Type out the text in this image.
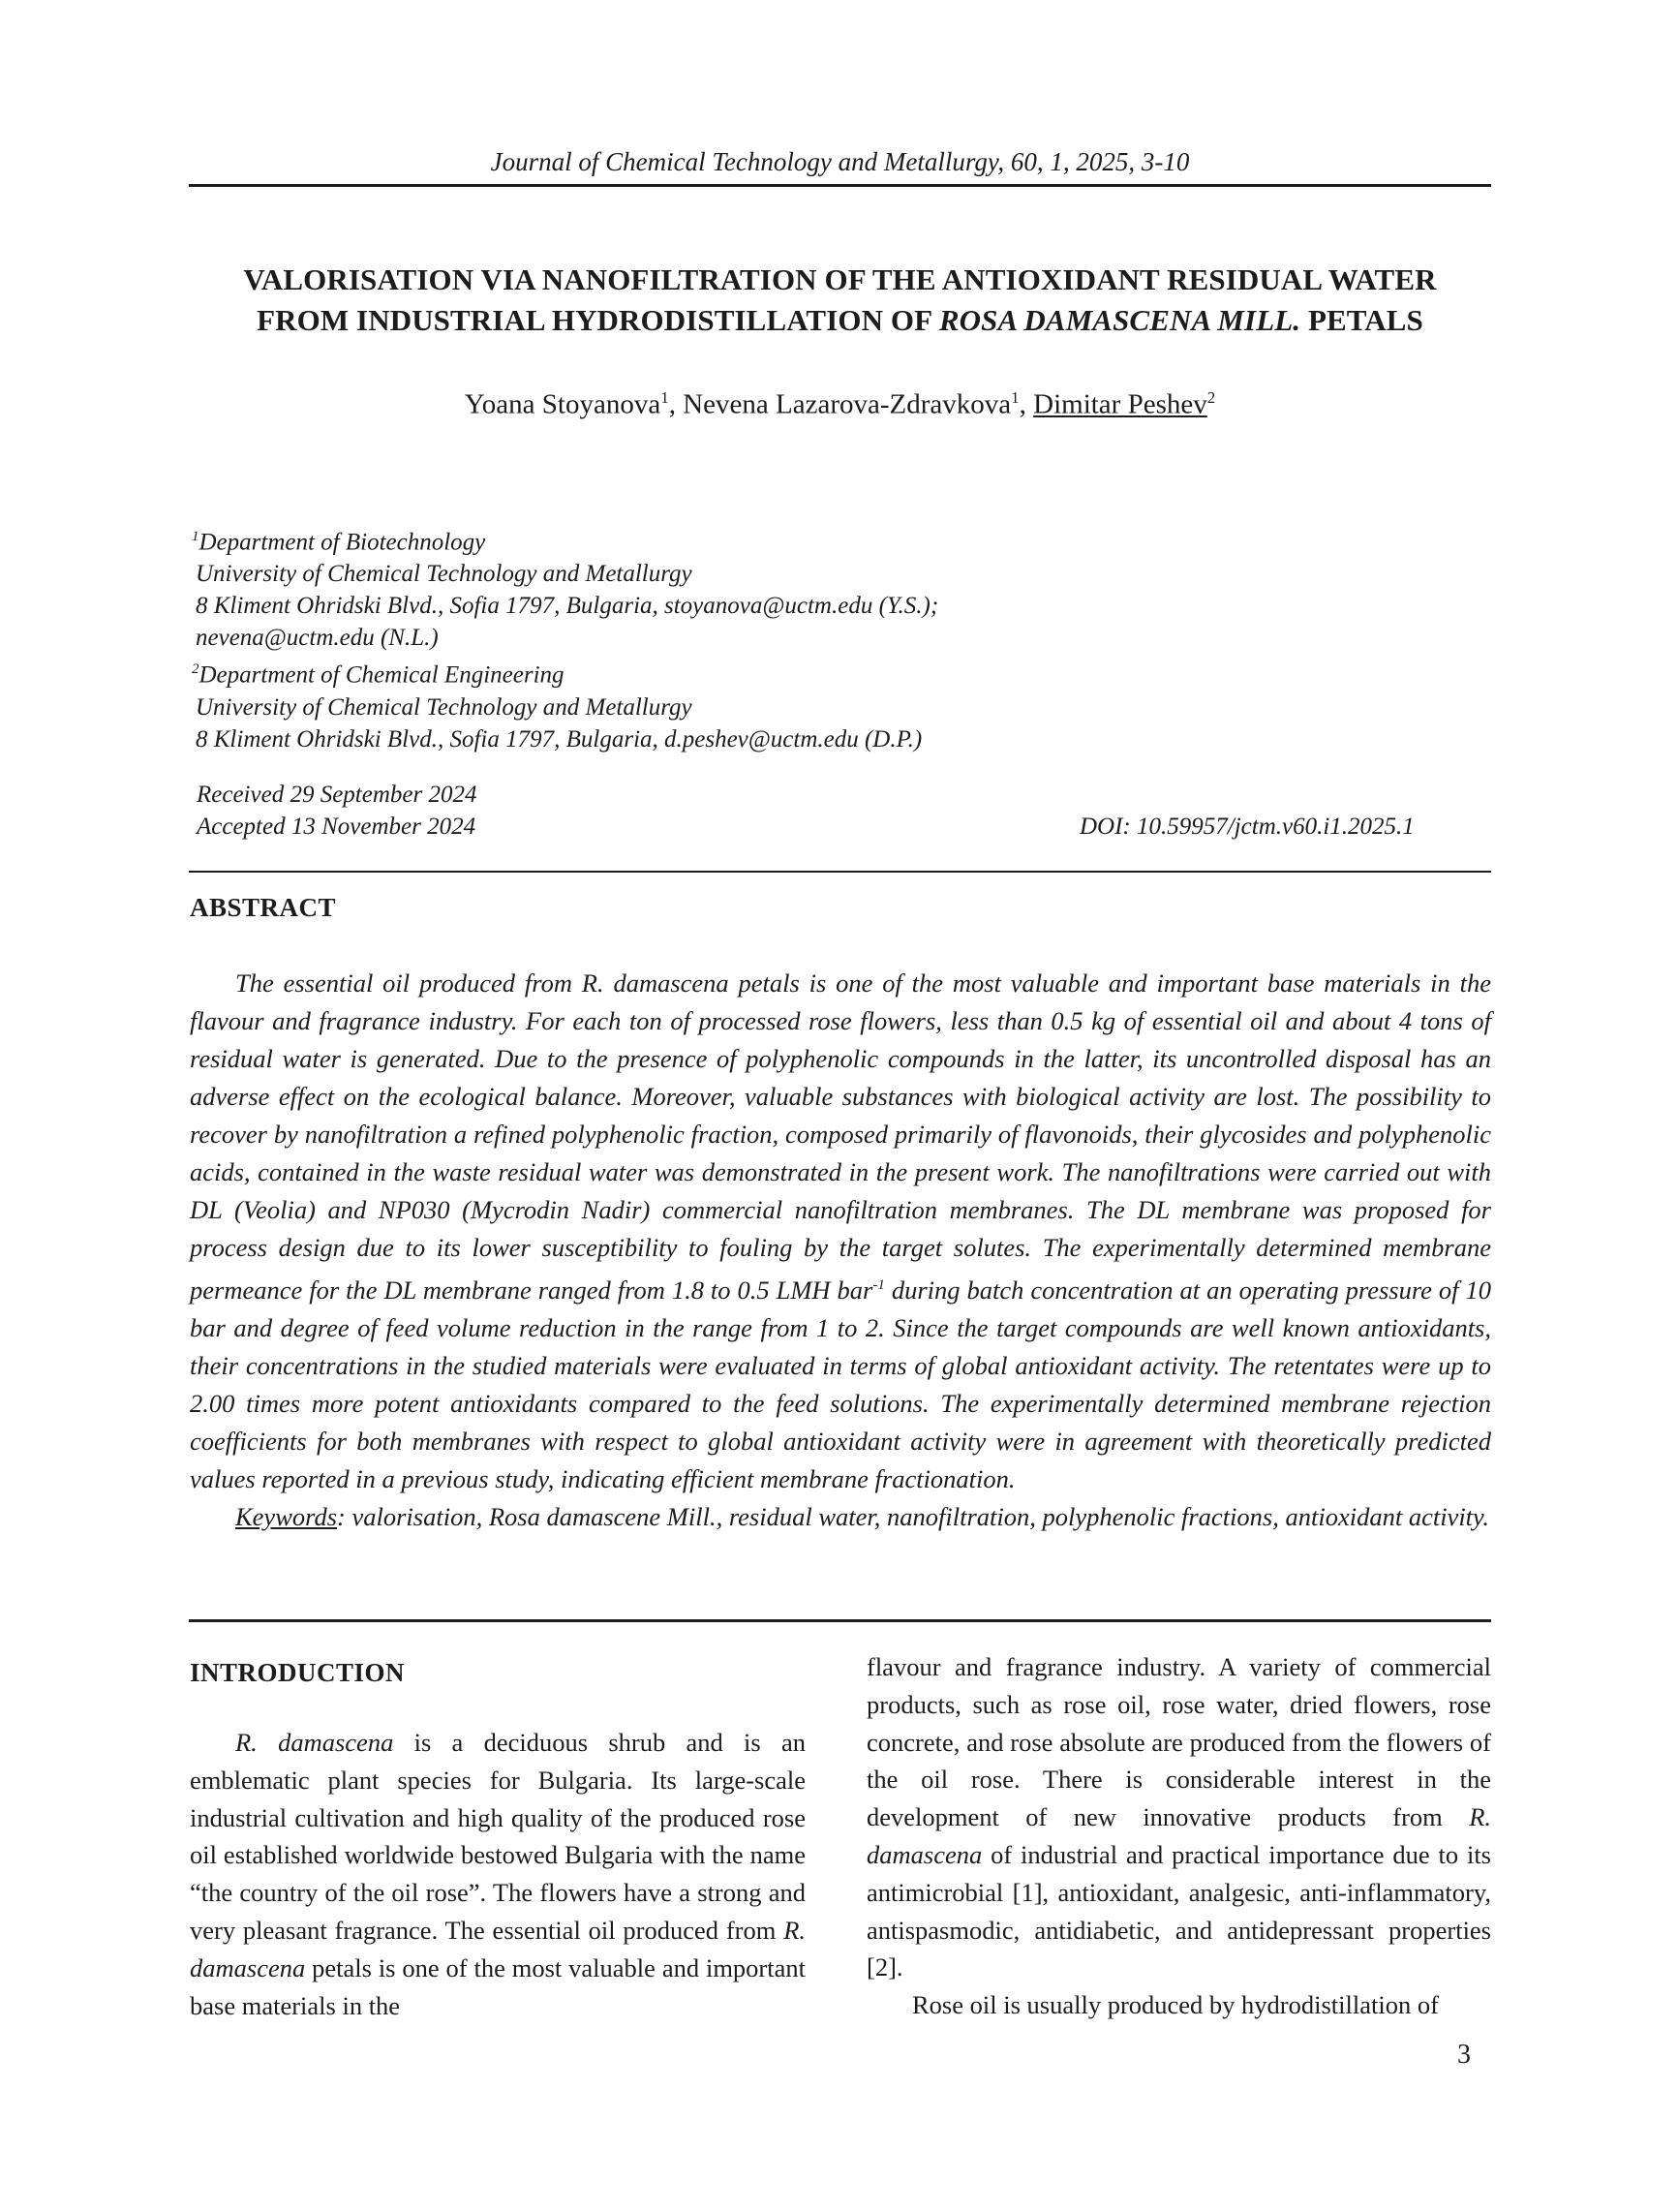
Journal of Chemical Technology and Metallurgy, 60, 1, 2025, 3-10
VALORISATION VIA NANOFILTRATION OF THE ANTIOXIDANT RESIDUAL WATER
FROM INDUSTRIAL HYDRODISTILLATION OF ROSA DAMASCENA MILL. PETALS
Yoana Stoyanova$^1$, Nevena Lazarova-Zdravkova$^1$, Dimitar Peshev$^2$
$^1$Department of Biotechnology
University of Chemical Technology and Metallurgy
8 Kliment Ohridski Blvd., Sofia 1797, Bulgaria, stoyanova@uctm.edu (Y.S.);
nevena@uctm.edu (N.L.)
$^2$Department of Chemical Engineering
University of Chemical Technology and Metallurgy
8 Kliment Ohridski Blvd., Sofia 1797, Bulgaria, d.peshev@uctm.edu (D.P.)
Received 29 September 2024
Accepted 13 November 2024	DOI: 10.59957/jctm.v60.i1.2025.1
ABSTRACT

The essential oil produced from R. damascena petals is one of the most valuable and important base materials in the flavour and fragrance industry. For each ton of processed rose flowers, less than 0.5 kg of essential oil and about 4 tons of residual water is generated. Due to the presence of polyphenolic compounds in the latter, its uncontrolled disposal has an adverse effect on the ecological balance. Moreover, valuable substances with biological activity are lost. The possibility to recover by nanofiltration a refined polyphenolic fraction, composed primarily of flavonoids, their glycosides and polyphenolic acids, contained in the waste residual water was demonstrated in the present work. The nanofiltrations were carried out with DL (Veolia) and NP030 (Mycrodin Nadir) commercial nanofiltration membranes. The DL membrane was proposed for process design due to its lower susceptibility to fouling by the target solutes. The experimentally determined membrane permeance for the DL membrane ranged from 1.8 to 0.5 LMH bar$^{-1}$ during batch concentration at an operating pressure of 10 bar and degree of feed volume reduction in the range from 1 to 2. Since the target compounds are well known antioxidants, their concentrations in the studied materials were evaluated in terms of global antioxidant activity. The retentates were up to 2.00 times more potent antioxidants compared to the feed solutions. The experimentally determined membrane rejection coefficients for both membranes with respect to global antioxidant activity were in agreement with theoretically predicted values reported in a previous study, indicating efficient membrane fractionation.

Keywords: valorisation, Rosa damascene Mill., residual water, nanofiltration, polyphenolic fractions, antioxidant activity.

INTRODUCTION

R. damascena is a deciduous shrub and is an emblematic plant species for Bulgaria. Its large-scale industrial cultivation and high quality of the produced rose oil established worldwide bestowed Bulgaria with the name “the country of the oil rose”. The flowers have a strong and very pleasant fragrance. The essential oil produced from R. damascena petals is one of the most valuable and important base materials in the

flavour and fragrance industry. A variety of commercial products, such as rose oil, rose water, dried flowers, rose concrete, and rose absolute are produced from the flowers of the oil rose. There is considerable interest in the development of new innovative products from R. damascena of industrial and practical importance due to its antimicrobial [1], antioxidant, analgesic, anti-inflammatory, antispasmodic, antidiabetic, and antidepressant properties [2].

Rose oil is usually produced by hydrodistillation of

3
